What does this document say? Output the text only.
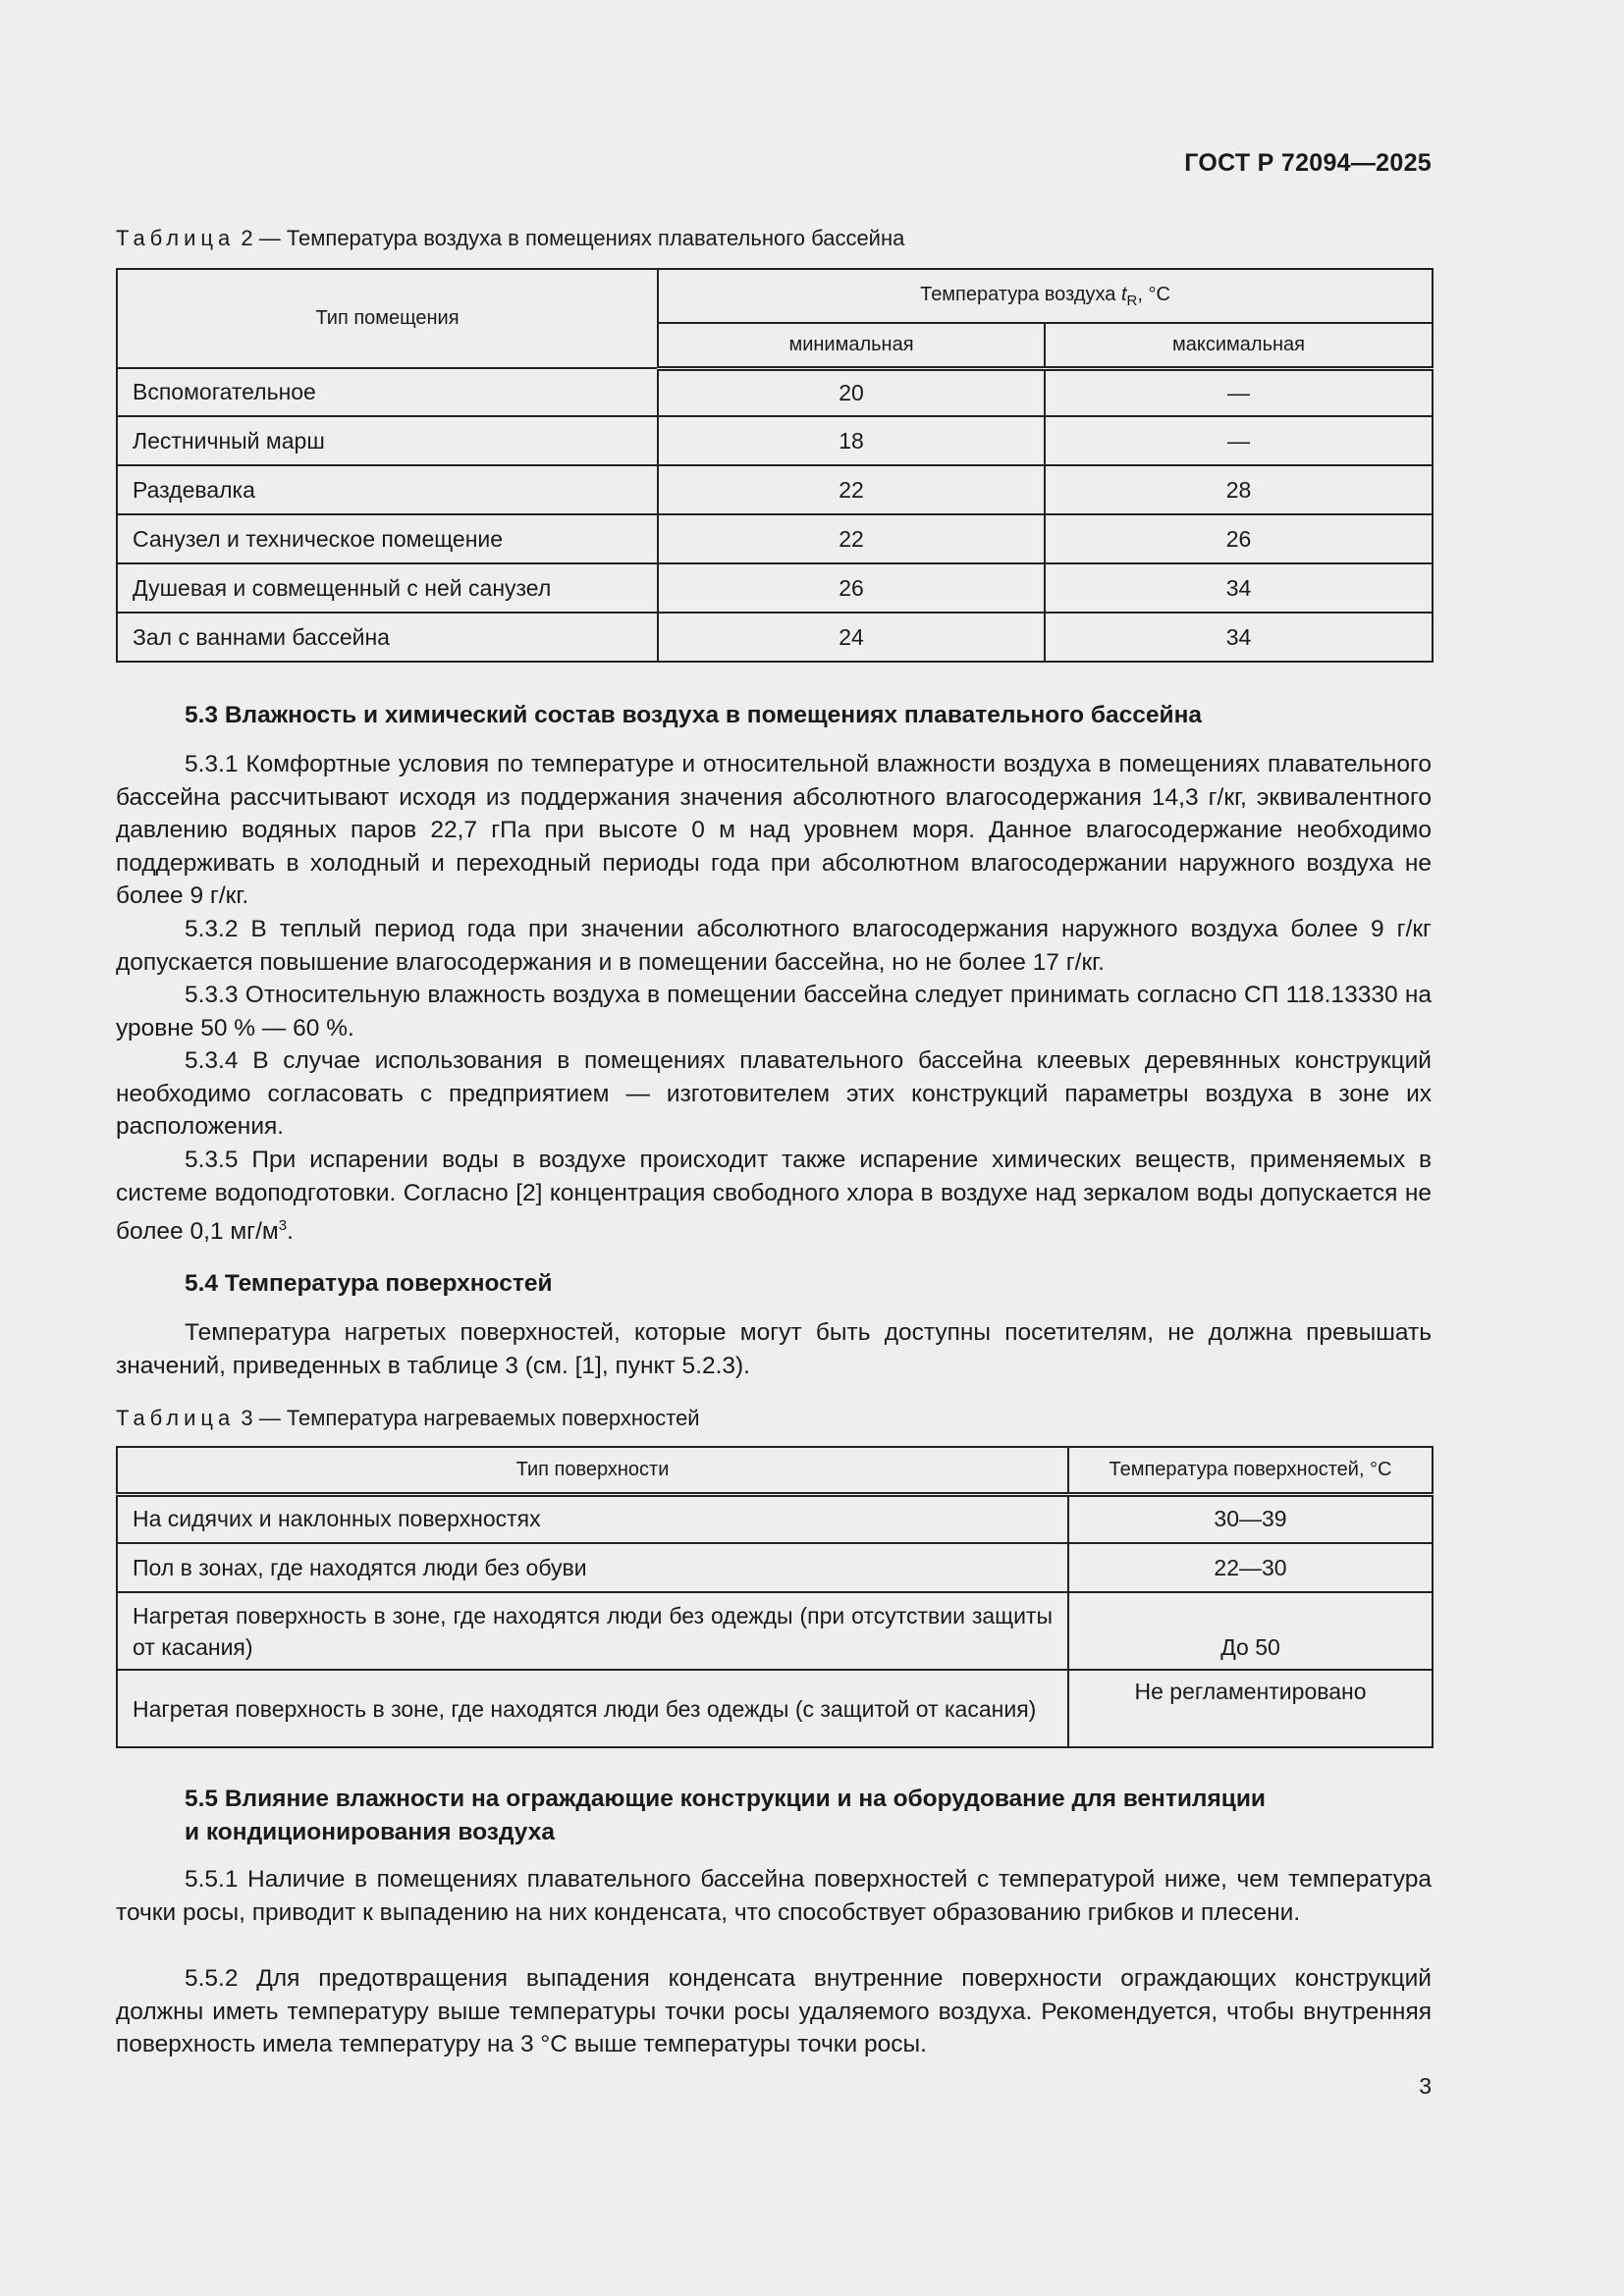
ГОСТ Р 72094—2025
Таблица 2 — Температура воздуха в помещениях плавательного бассейна
Тип помещения	Температура воздуха $t_R$, °С	
	минимальная	максимальная
Вспомогательное	20	—
Лестничный марш	18	—
Раздевалка	22	28
Санузел и техническое помещение	22	26
Душевая и совмещенный с ней санузел	26	34
Зал с ваннами бассейна	24	34
5.3 Влажность и химический состав воздуха в помещениях плавательного бассейна

5.3.1 Комфортные условия по температуре и относительной влажности воздуха в помещениях плавательного бассейна рассчитывают исходя из поддержания значения абсолютного влагосодержания 14,3 г/кг, эквивалентного давлению водяных паров 22,7 гПа при высоте 0 м над уровнем моря. Данное влагосодержание необходимо поддерживать в холодный и переходный периоды года при абсолютном влагосодержании наружного воздуха не более 9 г/кг.

5.3.2 В теплый период года при значении абсолютного влагосодержания наружного воздуха более 9 г/кг допускается повышение влагосодержания и в помещении бассейна, но не более 17 г/кг.

5.3.3 Относительную влажность воздуха в помещении бассейна следует принимать согласно СП 118.13330 на уровне 50 % — 60 %.

5.3.4 В случае использования в помещениях плавательного бассейна клеевых деревянных конструкций необходимо согласовать с предприятием — изготовителем этих конструкций параметры воздуха в зоне их расположения.

5.3.5 При испарении воды в воздухе происходит также испарение химических веществ, применяемых в системе водоподготовки. Согласно [2] концентрация свободного хлора в воздухе над зеркалом воды допускается не более 0,1 $мг/м^3$.

5.4 Температура поверхностей

Температура нагретых поверхностей, которые могут быть доступны посетителям, не должна превышать значений, приведенных в таблице 3 (см. [1], пункт 5.2.3).

Таблица 3 — Температура нагреваемых поверхностей
Тип поверхности	Температура поверхностей, °С
На сидячих и наклонных поверхностях	30—39
Пол в зонах, где находятся люди без обуви	22—30
Нагретая поверхность в зоне, где находятся люди без одежды (при отсутствии защиты от касания)	До 50
Нагретая поверхность в зоне, где находятся люди без одежды (с защитой от касания)	Не регламентировано
5.5 Влияние влажности на ограждающие конструкции и на оборудование для вентиляции
и кондиционирования воздуха

5.5.1 Наличие в помещениях плавательного бассейна поверхностей с температурой ниже, чем температура точки росы, приводит к выпадению на них конденсата, что способствует образованию грибков и плесени.

5.5.2 Для предотвращения выпадения конденсата внутренние поверхности ограждающих конструкций должны иметь температуру выше температуры точки росы удаляемого воздуха. Рекомендуется, чтобы внутренняя поверхность имела температуру на 3 °С выше температуры точки росы.

3
